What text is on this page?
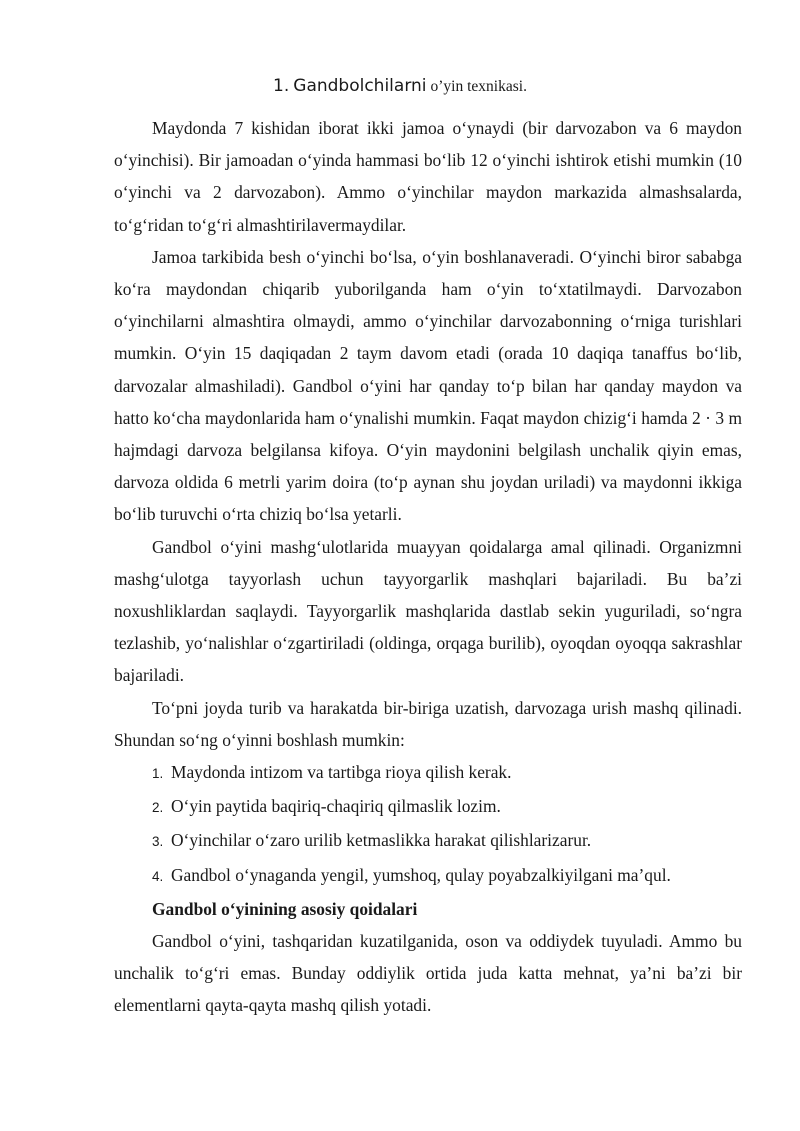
1. Gandbolchilarni o’yin texnikasi.

Maydonda 7 kishidan iborat ikki jamoa o‘ynaydi (bir darvozabon va 6 maydon o‘yinchisi). Bir jamoadan o‘yinda hammasi bo‘lib 12 o‘yinchi ishtirok etishi mumkin (10 o‘yinchi va 2 darvozabon). Ammo o‘yinchilar maydon markazida almashsalarda, to‘g‘ridan to‘g‘ri almashtirilavermaydilar.

Jamoa tarkibida besh o‘yinchi bo‘lsa, o‘yin boshlanaveradi. O‘yinchi biror sababga ko‘ra maydondan chiqarib yuborilganda ham o‘yin to‘xtatilmaydi. Darvozabon o‘yinchilarni almashtira olmaydi, ammo o‘yinchilar darvozabonning o‘rniga turishlari mumkin. O‘yin 15 daqiqadan 2 taym davom etadi (orada 10 daqiqa tanaffus bo‘lib, darvozalar almashiladi). Gandbol o‘yini har qanday to‘p bilan har qanday maydon va hatto ko‘cha maydonlarida ham o‘ynalishi mumkin. Faqat maydon chizig‘i hamda 2 · 3 m hajmdagi darvoza belgilansa kifoya. O‘yin maydonini belgilash unchalik qiyin emas, darvoza oldida 6 metrli yarim doira (to‘p aynan shu joydan uriladi) va maydonni ikkiga bo‘lib turuvchi o‘rta chiziq bo‘lsa yetarli.

Gandbol o‘yini mashg‘ulotlarida muayyan qoidalarga amal qilinadi. Organizmni mashg‘ulotga tayyorlash uchun tayyorgarlik mashqlari bajariladi. Bu ba’zi noxushliklardan saqlaydi. Tayyorgarlik mashqlarida dastlab sekin yuguriladi, so‘ngra tezlashib, yo‘nalishlar o‘zgartiriladi (oldinga, orqaga burilib), oyoqdan oyoqqa sakrashlar bajariladi.

To‘pni joyda turib va harakatda bir-biriga uzatish, darvozaga urish mashq qilinadi. Shundan so‘ng o‘yinni boshlash mumkin:

1. Maydonda intizom va tartibga rioya qilish kerak.
2. O‘yin paytida baqiriq-chaqiriq qilmaslik lozim.
3. O‘yinchilar o‘zaro urilib ketmaslikka harakat qilishlarizarur.
4. Gandbol o‘ynaganda yengil, yumshoq, qulay poyabzalkiyilgani ma’qul.

Gandbol o‘yinining asosiy qoidalari

Gandbol o‘yini, tashqaridan kuzatilganida, oson va oddiydek tuyuladi. Ammo bu unchalik to‘g‘ri emas. Bunday oddiylik ortida juda katta mehnat, ya’ni ba’zi bir elementlarni qayta-qayta mashq qilish yotadi.
